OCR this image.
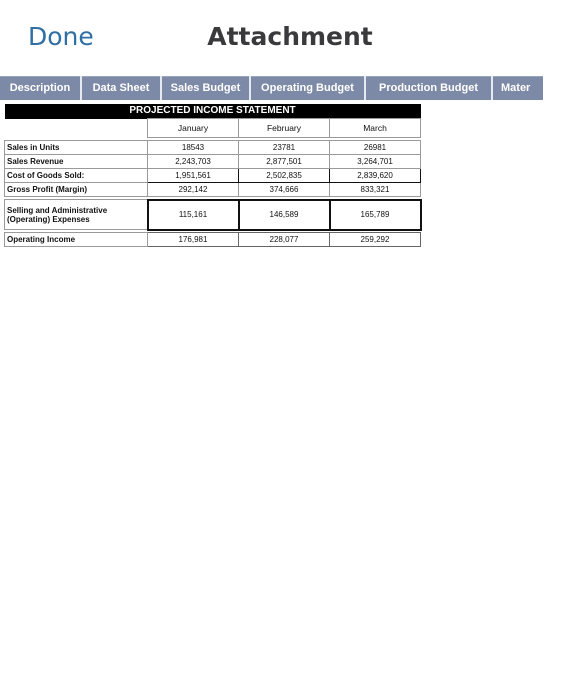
Done	Attachment
Description Data Sheet Sales Budget Operating Budget Production Budget Mater
PROJECTED INCOME STATEMENT			
	January	February	March

Sales in Units	18543	23781	26981
Sales Revenue	2,243,703	2,877,501	3,264,701
Cost of Goods Sold:	1,951,561	2,502,835	2,839,620
Gross Profit (Margin)	292,142	374,666	833,321

Selling and Administrative (Operating) Expenses	115,161	146,589	165,789

Operating Income	176,981	228,077	259,292
